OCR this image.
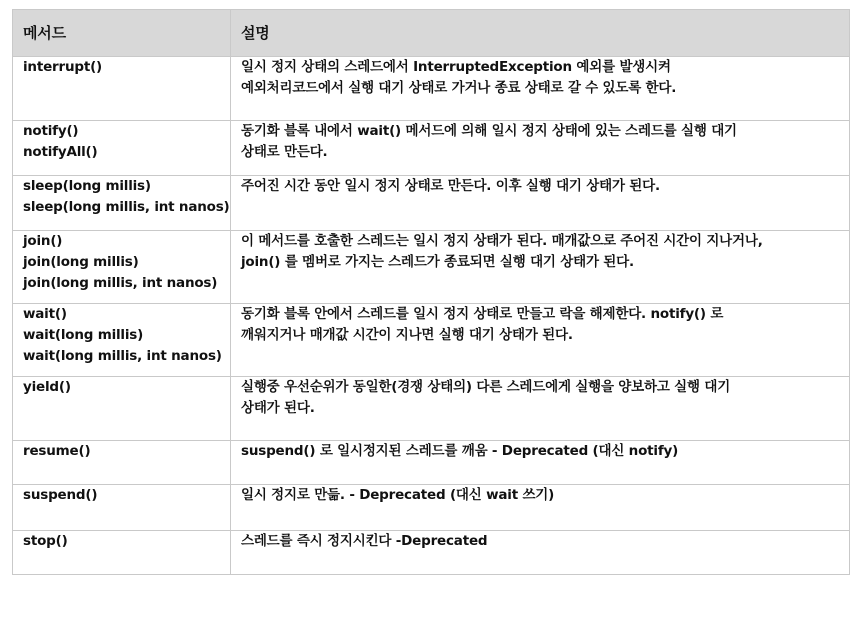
메서드	설명

interrupt()	일시 정지 상태의 스레드에서 InterruptedException 예외를 발생시켜
예외처리코드에서 실행 대기 상태로 가거나 종료 상태로 갈 수 있도록 한다.

notify()
notifyAll()	동기화 블록 내에서 wait() 메서드에 의해 일시 정지 상태에 있는 스레드를 실행 대기
상태로 만든다.

sleep(long millis)
sleep(long millis, int nanos)	주어진 시간 동안 일시 정지 상태로 만든다. 이후 실행 대기 상태가 된다.

join()
join(long millis)
join(long millis, int nanos)	이 메서드를 호출한 스레드는 일시 정지 상태가 된다. 매개값으로 주어진 시간이 지나거나,
join() 를 멤버로 가지는 스레드가 종료되면 실행 대기 상태가 된다.

wait()
wait(long millis)
wait(long millis, int nanos)	동기화 블록 안에서 스레드를 일시 정지 상태로 만들고 락을 해제한다. notify() 로
깨워지거나 매개값 시간이 지나면 실행 대기 상태가 된다.

yield()	실행중 우선순위가 동일한(경쟁 상태의) 다른 스레드에게 실행을 양보하고 실행 대기
상태가 된다.

resume()	suspend() 로 일시정지된 스레드를 깨움 - Deprecated (대신 notify)

suspend()	일시 정지로 만듦. - Deprecated (대신 wait 쓰기)

stop()	스레드를 즉시 정지시킨다 -Deprecated
